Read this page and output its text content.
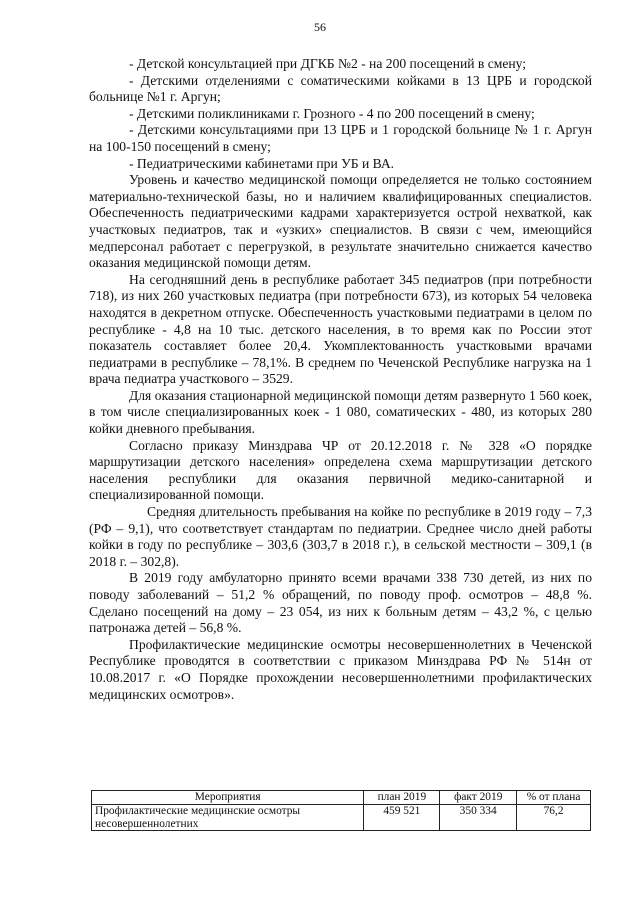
56

- Детской консультацией при ДГКБ №2 - на 200 посещений в смену;

- Детскими отделениями с соматическими койками в 13 ЦРБ и городской больнице №1 г. Аргун;

- Детскими поликлиниками г. Грозного - 4 по 200 посещений в смену;

- Детскими консультациями при 13 ЦРБ и 1 городской больнице № 1 г. Аргун на 100-150 посещений в смену;

- Педиатрическими кабинетами при УБ и ВА.

Уровень и качество медицинской помощи определяется не только состоянием материально-технической базы, но и наличием квалифицированных специалистов. Обеспеченность педиатрическими кадрами характеризуется острой нехваткой, как участковых педиатров, так и «узких» специалистов. В связи с чем, имеющийся медперсонал работает с перегрузкой, в результате значительно снижается качество оказания медицинской помощи детям.

На сегодняшний день в республике работает 345 педиатров (при потребности 718), из них 260 участковых педиатра (при потребности 673), из которых 54 человека находятся в декретном отпуске. Обеспеченность участковыми педиатрами в целом по республике - 4,8 на 10 тыс. детского населения, в то время как по России этот показатель составляет более 20,4. Укомплектованность участковыми врачами педиатрами в республике – 78,1%. В среднем по Чеченской Республике нагрузка на 1 врача педиатра участкового – 3529.

Для оказания стационарной медицинской помощи детям развернуто 1 560 коек, в том числе специализированных коек - 1 080, соматических - 480, из которых 280 койки дневного пребывания.

Согласно приказу Минздрава ЧР от 20.12.2018 г. № 328 «О порядке маршрутизации детского населения» определена схема маршрутизации детского населения республики для оказания первичной медико-санитарной и специализированной помощи.

Средняя длительность пребывания на койке по республике в 2019 году – 7,3 (РФ – 9,1), что соответствует стандартам по педиатрии. Среднее число дней работы койки в году по республике – 303,6 (303,7 в 2018 г.), в сельской местности – 309,1 (в 2018 г. – 302,8).

В 2019 году амбулаторно принято всеми врачами 338 730 детей, из них по поводу заболеваний – 51,2 % обращений, по поводу проф. осмотров – 48,8 %. Сделано посещений на дому – 23 054, из них к больным детям – 43,2 %, с целью патронажа детей – 56,8 %.

Профилактические медицинские осмотры несовершеннолетних в Чеченской Республике проводятся в соответствии с приказом Минздрава РФ № 514н от 10.08.2017 г. «О Порядке прохождении несовершеннолетними профилактических медицинских осмотров».

Мероприятия	план 2019	факт 2019	% от плана
Профилактические медицинские осмотры несовершеннолетних	459 521	350 334	76,2
